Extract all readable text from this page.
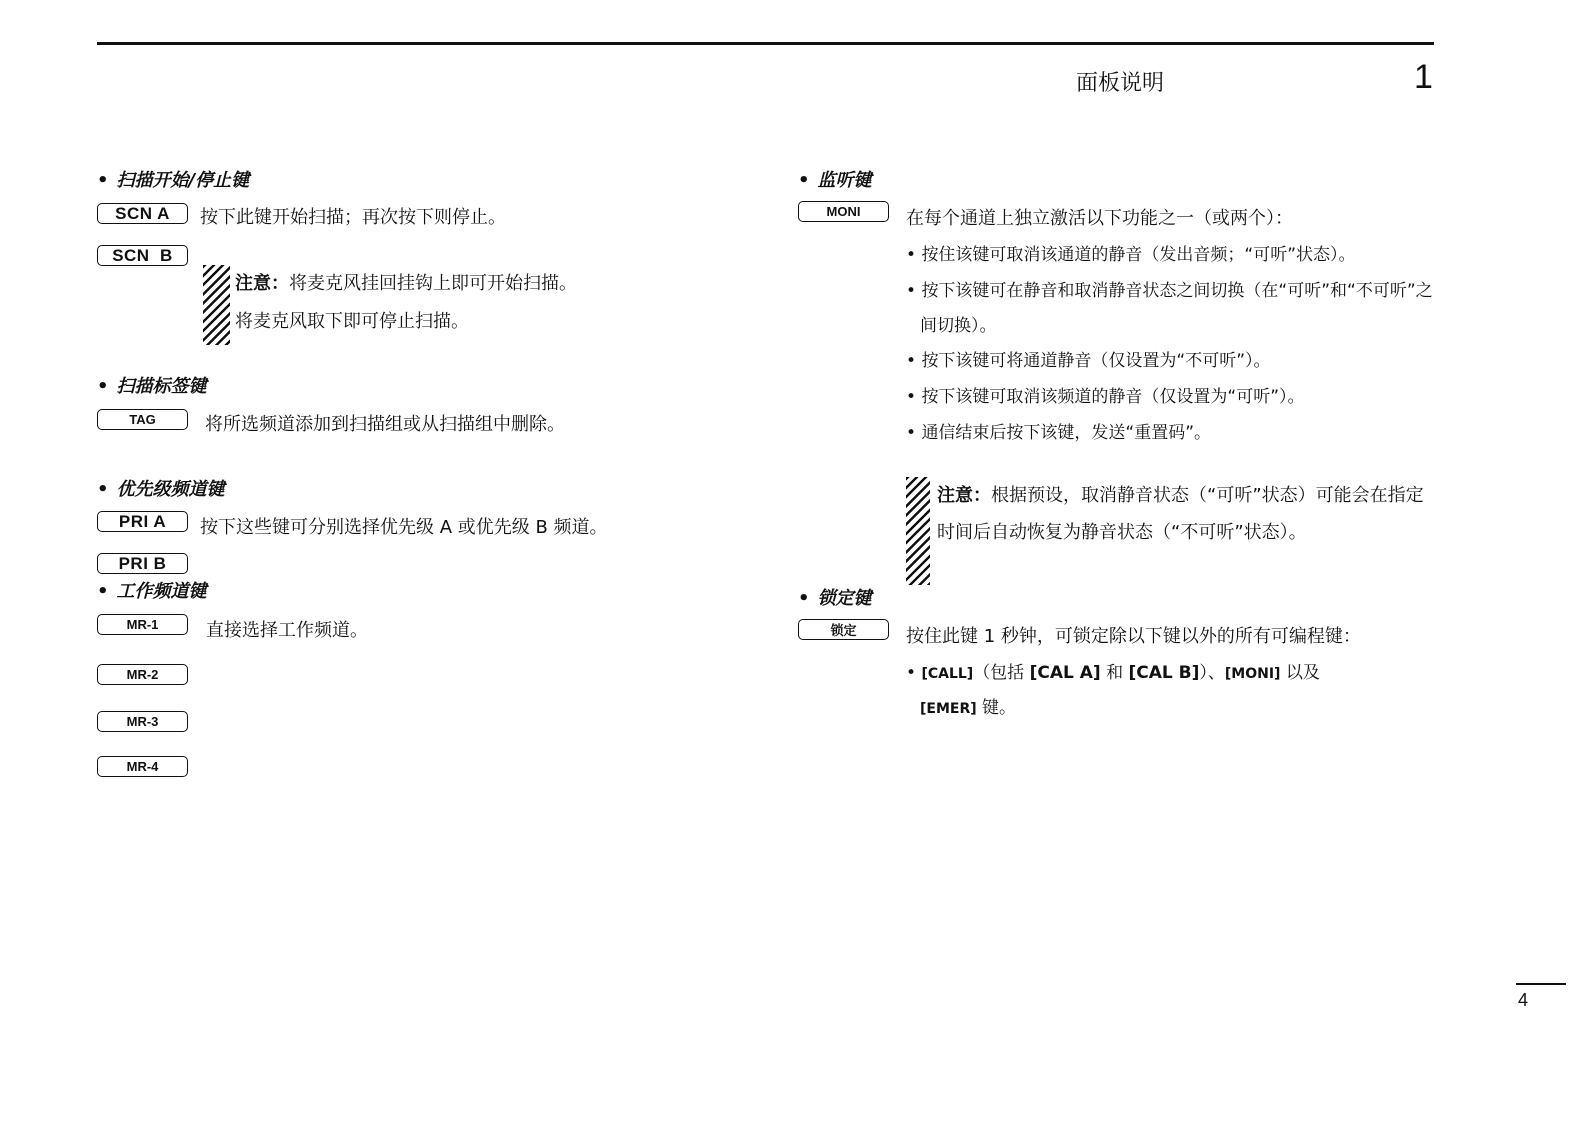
面板说明	1
• 扫描开始/停止键
SCN A	按下此键开始扫描；再次按下则停止。
SCN  B
注意：将麦克风挂回挂钩上即可开始扫描。
将麦克风取下即可停止扫描。
• 扫描标签键
TAG	将所选频道添加到扫描组或从扫描组中删除。
• 优先级频道键
PRI A	按下这些键可分别选择优先级 A 或优先级 B 频道。
PRI B
• 工作频道键
MR-1	直接选择工作频道。
MR-2
MR-3
MR-4
• 监听键
MONI	在每个通道上独立激活以下功能之一（或两个）：
• 按住该键可取消该通道的静音（发出音频；“可听”状态）。
• 按下该键可在静音和取消静音状态之间切换（在“可听”和“不可听”之
间切换）。
• 按下该键可将通道静音（仅设置为“不可听”）。
• 按下该键可取消该频道的静音（仅设置为“可听”）。
• 通信结束后按下该键，发送“重置码”。
注意：根据预设，取消静音状态（“可听”状态）可能会在指定
时间后自动恢复为静音状态（“不可听”状态）。
• 锁定键
锁定	按住此键 1 秒钟，可锁定除以下键以外的所有可编程键：
• [CALL]（包括 [CAL A] 和 [CAL B]）、[MONI] 以及
[EMER] 键。
4
